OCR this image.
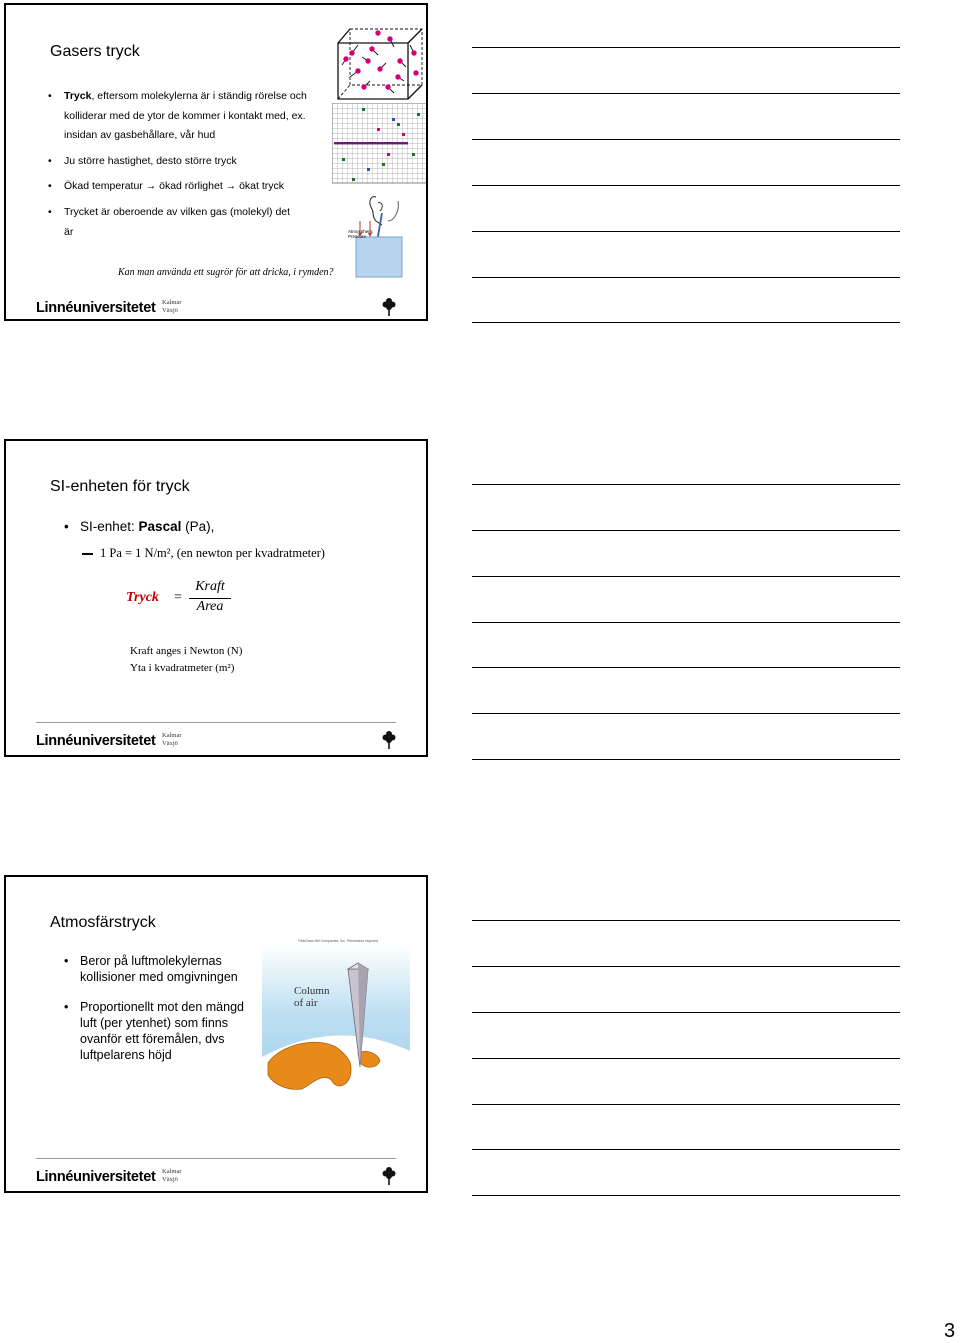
Gasers tryck
• Tryck, eftersom molekylerna är i ständig rörelse och kolliderar med de ytor de kommer i kontakt med, ex. insidan av gasbehållare, vår hud
• Ju större hastighet, desto större tryck
• Ökad temperatur → ökad rörlighet → ökat tryck
• Trycket är oberoende av vilken gas (molekyl) det är
Kan man använda ett sugrör för att dricka, i rymden?
Atmospheric
Pressure
Linnéuniversitetet Kalmar
Växjö
SI-enheten för tryck
• SI-enhet: Pascal (Pa),
1 Pa = 1 N/m², (en newton per kvadratmeter)
Tryck =
Kraft
Area
Kraft anges i Newton (N)
Yta i kvadratmeter (m²)
Linnéuniversitetet Kalmar
Växjö
Atmosfärstryck
• Beror på luftmolekylernas kollisioner med omgivningen
• Proportionellt mot den mängd luft (per ytenhet) som finns ovanför ett föremålen, dvs luftpelarens höjd
Column
of air
©McGraw-Hill Companies, Inc. Permission required
Linnéuniversitetet Kalmar
Växjö
3
